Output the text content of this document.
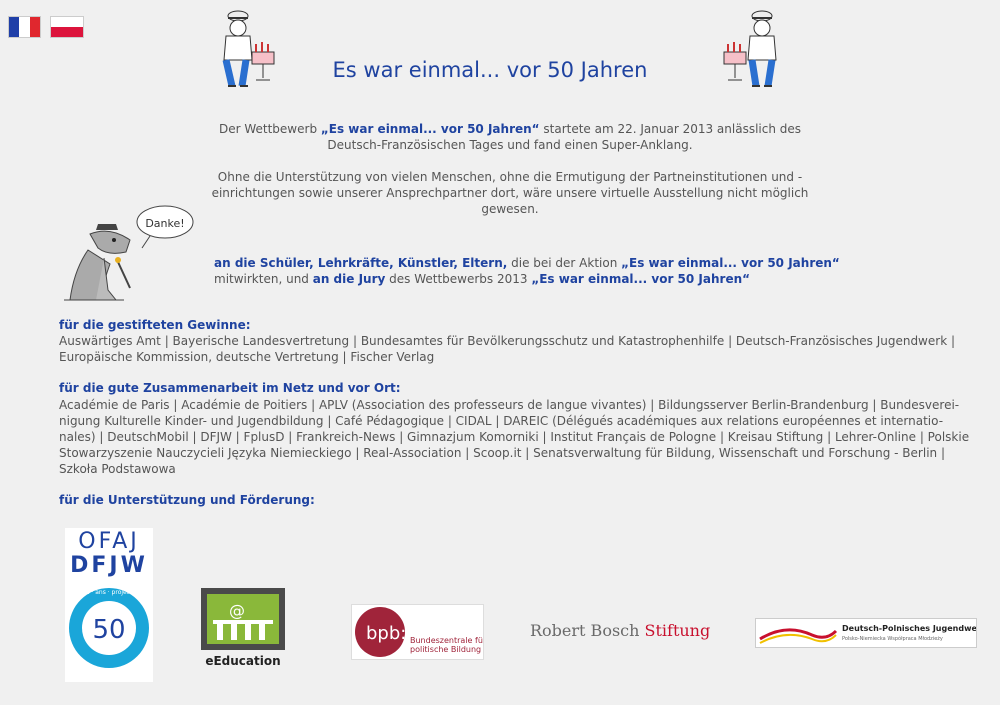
Es war einmal... vor 50 Jahren

Der Wettbewerb „Es war einmal... vor 50 Jahren“ startete am 22. Januar 2013 anlässlich des Deutsch-Französischen Tages und fand einen Super-Anklang.

Ohne die Unterstützung von vielen Menschen, ohne die Ermutigung der Partneinstitutionen und -einrichtungen sowie unserer Ansprechpartner dort, wäre unsere virtuelle Ausstellung nicht möglich gewesen.

Danke!

an die Schüler, Lehrkräfte, Künstler, Eltern, die bei der Aktion „Es war einmal... vor 50 Jahren“
mitwirkten, und an die Jury des Wettbewerbs 2013 „Es war einmal... vor 50 Jahren“

für die gestifteten Gewinne:

Auswärtiges Amt | Bayerische Landesvertretung | Bundesamtes für Bevölkerungsschutz und Katastrophenhilfe | Deutsch-Französisches Jugendwerk | Europäische Kommission, deutsche Vertretung | Fischer Verlag

für die gute Zusammenarbeit im Netz und vor Ort:

Académie de Paris | Académie de Poitiers | APLV (Association des professeurs de langue vivantes) | Bildungsserver Berlin-Brandenburg | Bundesverei-nigung Kulturelle Kinder- und Jugendbildung | Café Pédagogique | CIDAL | DAREIC (Délégués académiques aux relations européennes et internatio-nales) | DeutschMobil | DFJW | FplusD | Frankreich-News | Gimnazjum Komorniki | Institut Français de Pologne | Kreisau Stiftung | Lehrer-Online | Polskie Stowarzyszenie Nauczycieli Języka Niemieckiego | Real-Association | Scoop.it | Senatsverwaltung für Bildung, Wissenschaft und Forschung - Berlin | Szkoła Podstawowa

für die Unterstützung und Förderung:

OFAJ
DFJW
50
projekte · ans · projets · Jahre
@
eEducation
bpb: Bundeszentrale für
politische Bildung
Robert Bosch Stiftung	Deutsch-Polnisches Jugendwerk
Polsko-Niemiecka Współpraca Młodzieży
